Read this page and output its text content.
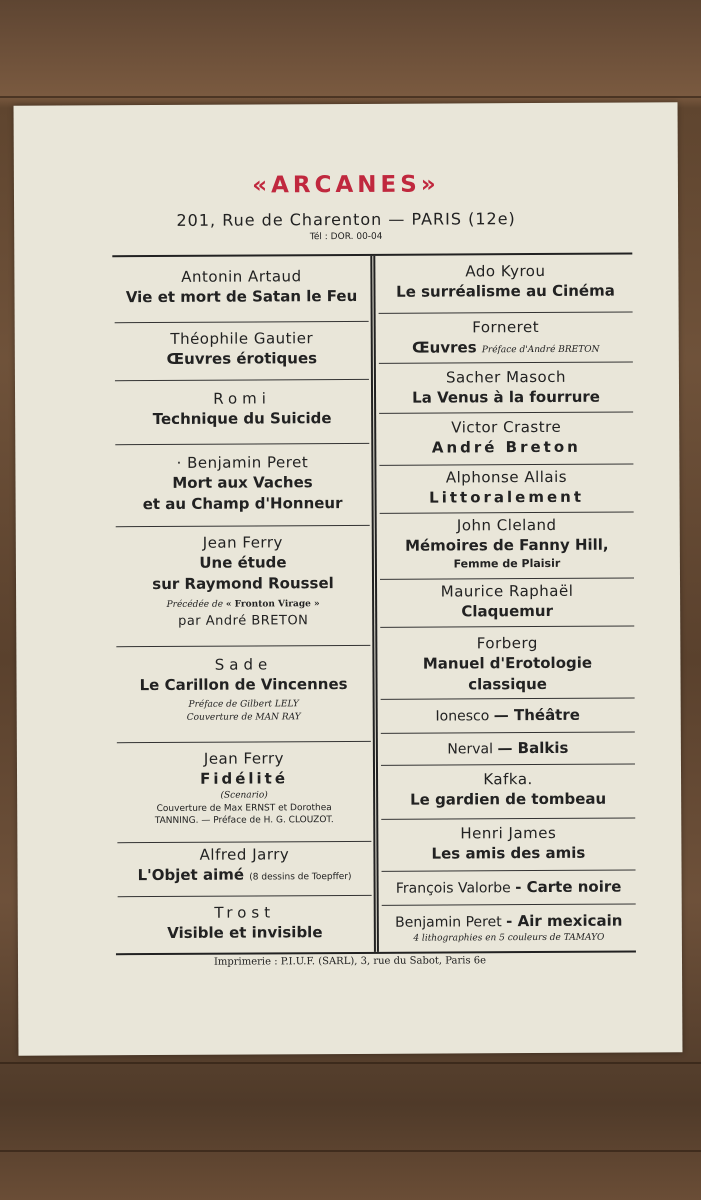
«ARCANES»
201, Rue de Charenton — PARIS (12e)
Tél : DOR. 00-04
Antonin Artaud
Vie et mort de Satan le Feu
Théophile Gautier
Œuvres érotiques
Romi
Technique du Suicide
· Benjamin Peret
Mort aux Vaches
et au Champ d'Honneur
Jean Ferry
Une étude
sur Raymond Roussel
Précédée de « Fronton Virage »
par André BRETON
Sade
Le Carillon de Vincennes
Préface de Gilbert LELY
Couverture de MAN RAY
Jean Ferry
Fidélité
(Scenario)
Couverture de Max ERNST et Dorothea
TANNING. — Préface de H. G. CLOUZOT.
Alfred Jarry
L'Objet aimé (8 dessins de Toepffer)
Trost
Visible et invisible
Ado Kyrou
Le surréalisme au Cinéma
Forneret
Œuvres Préface d'André BRETON
Sacher Masoch
La Venus à la fourrure
Victor Crastre
André Breton
Alphonse Allais
Littoralement
John Cleland
Mémoires de Fanny Hill,
Femme de Plaisir
Maurice Raphaël
Claquemur
Forberg
Manuel d'Erotologie
classique
Ionesco — Théâtre
Nerval — Balkis
Kafka.
Le gardien de tombeau
Henri James
Les amis des amis
François Valorbe - Carte noire
Benjamin Peret - Air mexicain
4 lithographies en 5 couleurs de TAMAYO
Imprimerie : P.I.U.F. (SARL), 3, rue du Sabot, Paris 6e
